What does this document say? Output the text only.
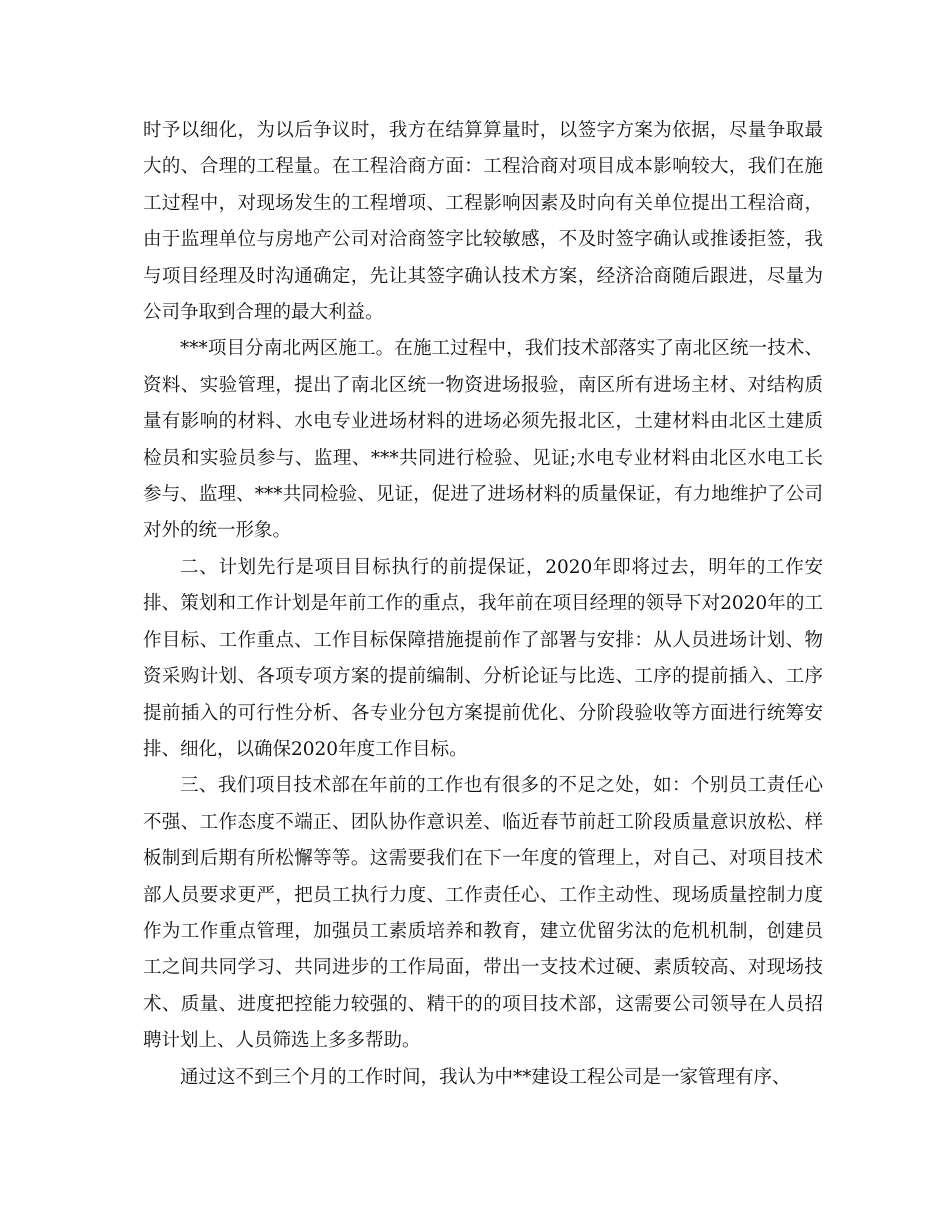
时予以细化，为以后争议时，我方在结算算量时，以签字方案为依据，尽量争取最大的、合理的工程量。在工程洽商方面：工程洽商对项目成本影响较大，我们在施工过程中，对现场发生的工程增项、工程影响因素及时向有关单位提出工程洽商，由于监理单位与房地产公司对洽商签字比较敏感，不及时签字确认或推诿拒签，我与项目经理及时沟通确定，先让其签字确认技术方案，经济洽商随后跟进，尽量为公司争取到合理的最大利益。

***项目分南北两区施工。在施工过程中，我们技术部落实了南北区统一技术、资料、实验管理，提出了南北区统一物资进场报验，南区所有进场主材、对结构质量有影响的材料、水电专业进场材料的进场必须先报北区，土建材料由北区土建质检员和实验员参与、监理、***共同进行检验、见证;水电专业材料由北区水电工长参与、监理、***共同检验、见证，促进了进场材料的质量保证，有力地维护了公司对外的统一形象。

二、计划先行是项目目标执行的前提保证，2020年即将过去，明年的工作安排、策划和工作计划是年前工作的重点，我年前在项目经理的领导下对2020年的工作目标、工作重点、工作目标保障措施提前作了部署与安排：从人员进场计划、物资采购计划、各项专项方案的提前编制、分析论证与比选、工序的提前插入、工序提前插入的可行性分析、各专业分包方案提前优化、分阶段验收等方面进行统筹安排、细化，以确保2020年度工作目标。

三、我们项目技术部在年前的工作也有很多的不足之处，如：个别员工责任心不强、工作态度不端正、团队协作意识差、临近春节前赶工阶段质量意识放松、样板制到后期有所松懈等等。这需要我们在下一年度的管理上，对自己、对项目技术部人员要求更严，把员工执行力度、工作责任心、工作主动性、现场质量控制力度作为工作重点管理，加强员工素质培养和教育，建立优留劣汰的危机机制，创建员工之间共同学习、共同进步的工作局面，带出一支技术过硬、素质较高、对现场技术、质量、进度把控能力较强的、精干的的项目技术部，这需要公司领导在人员招聘计划上、人员筛选上多多帮助。

通过这不到三个月的工作时间，我认为中**建设工程公司是一家管理有序、
